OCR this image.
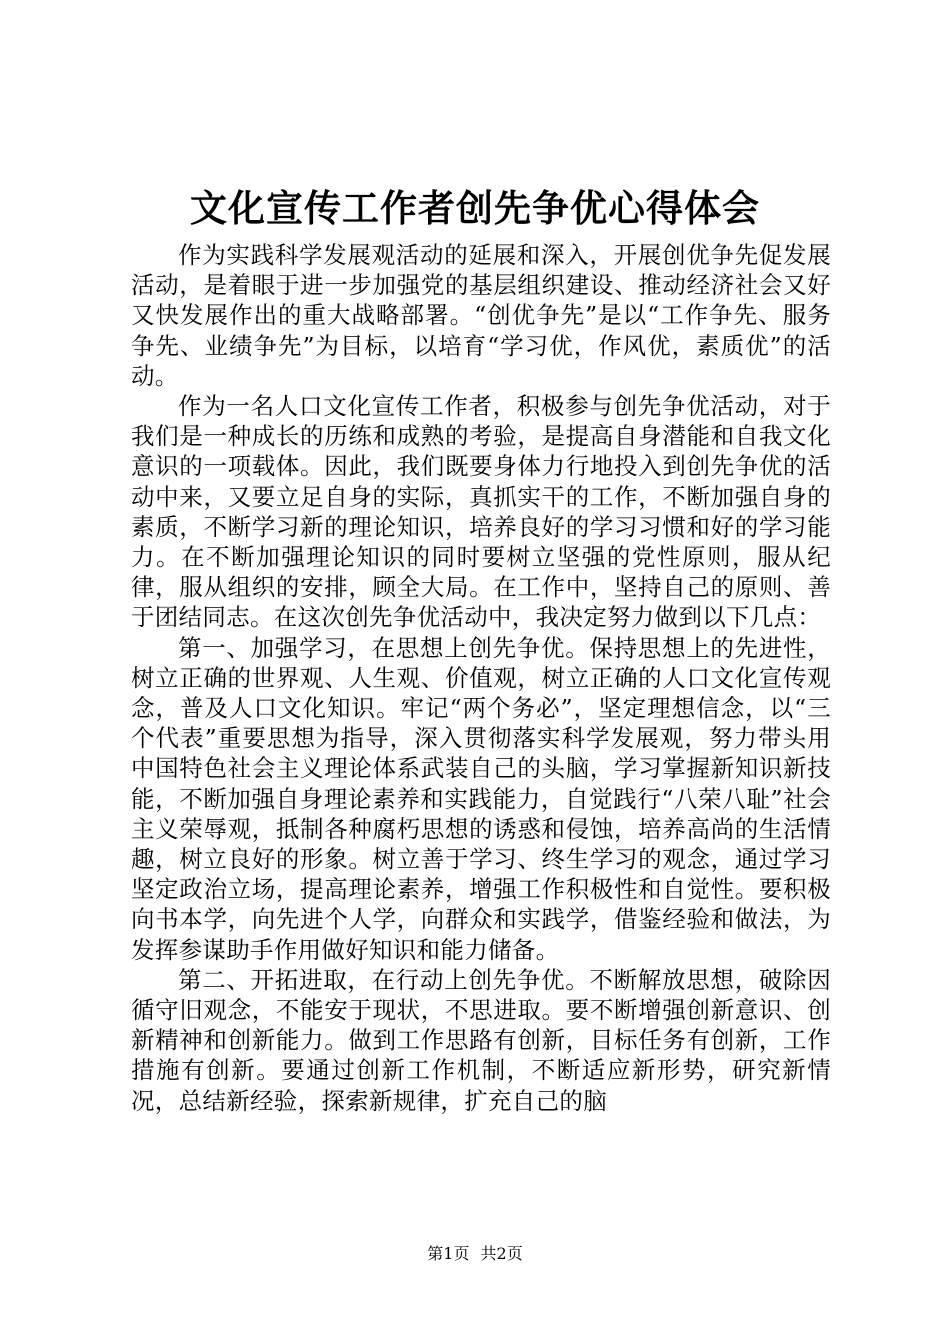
文化宣传工作者创先争优心得体会

作为实践科学发展观活动的延展和深入，开展创优争先促发展活动，是着眼于进一步加强党的基层组织建设、推动经济社会又好又快发展作出的重大战略部署。“创优争先”是以“工作争先、服务争先、业绩争先”为目标，以培育“学习优，作风优，素质优”的活动。

作为一名人口文化宣传工作者，积极参与创先争优活动，对于我们是一种成长的历练和成熟的考验，是提高自身潜能和自我文化意识的一项载体。因此，我们既要身体力行地投入到创先争优的活动中来，又要立足自身的实际，真抓实干的工作，不断加强自身的素质，不断学习新的理论知识，培养良好的学习习惯和好的学习能力。在不断加强理论知识的同时要树立坚强的党性原则，服从纪律，服从组织的安排，顾全大局。在工作中，坚持自己的原则、善于团结同志。在这次创先争优活动中，我决定努力做到以下几点：

第一、加强学习，在思想上创先争优。保持思想上的先进性，树立正确的世界观、人生观、价值观，树立正确的人口文化宣传观念，普及人口文化知识。牢记“两个务必”，坚定理想信念，以“三个代表”重要思想为指导，深入贯彻落实科学发展观，努力带头用中国特色社会主义理论体系武装自己的头脑，学习掌握新知识新技能，不断加强自身理论素养和实践能力，自觉践行“八荣八耻”社会主义荣辱观，抵制各种腐朽思想的诱惑和侵蚀，培养高尚的生活情趣，树立良好的形象。树立善于学习、终生学习的观念，通过学习坚定政治立场，提高理论素养，增强工作积极性和自觉性。要积极向书本学，向先进个人学，向群众和实践学，借鉴经验和做法，为发挥参谋助手作用做好知识和能力储备。

第二、开拓进取，在行动上创先争优。不断解放思想，破除因循守旧观念，不能安于现状，不思进取。要不断增强创新意识、创新精神和创新能力。做到工作思路有创新，目标任务有创新，工作措施有创新。要通过创新工作机制，不断适应新形势，研究新情况，总结新经验，探索新规律，扩充自己的脑

第1页 共2页
